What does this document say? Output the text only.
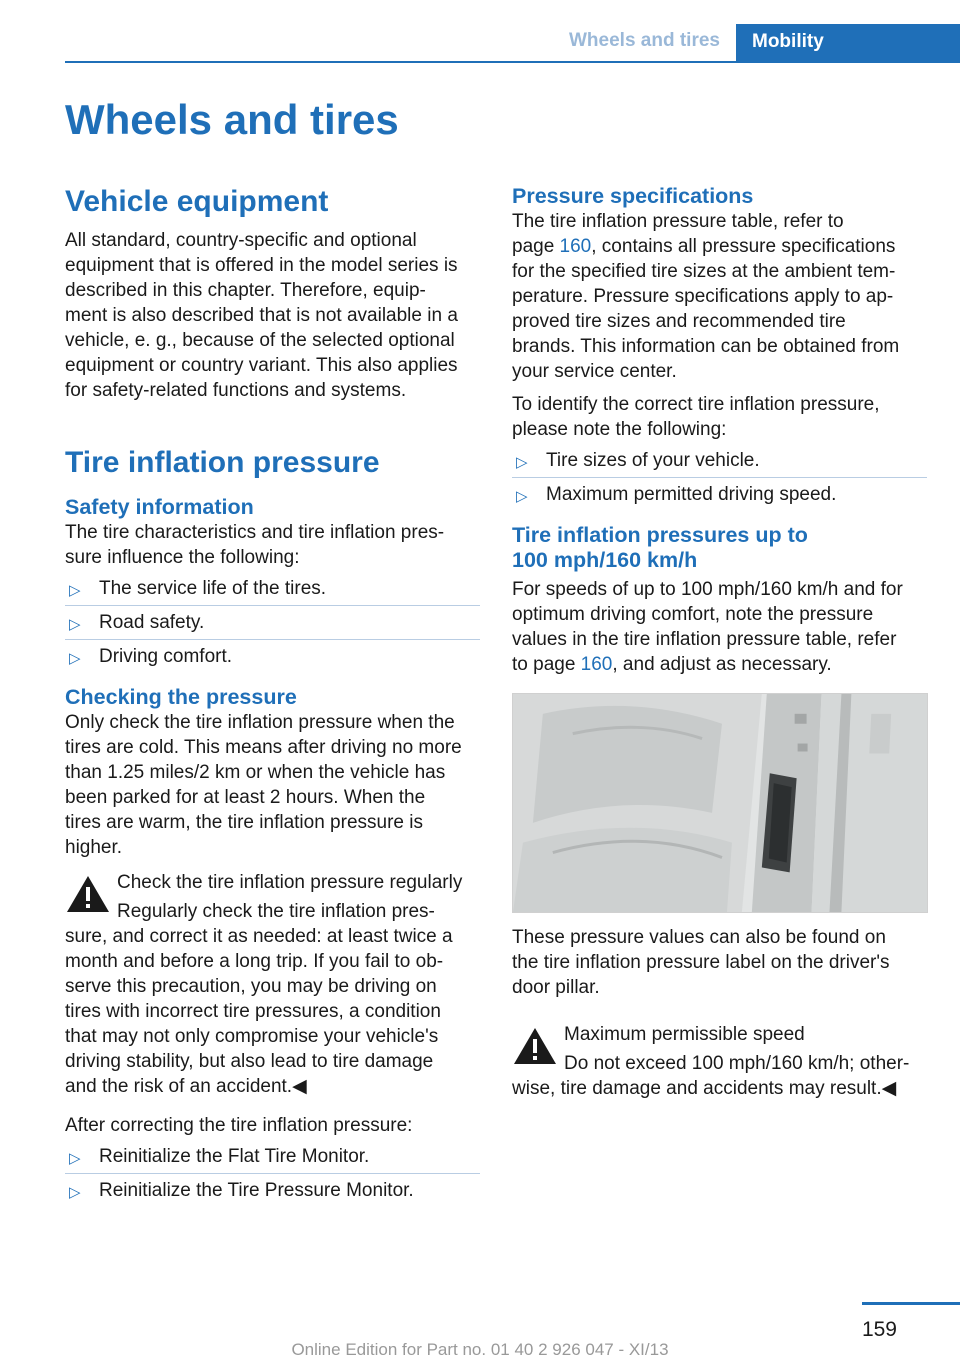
Wheels and tires	Mobility
Wheels and tires
Vehicle equipment

All standard, country-specific and optional
equipment that is offered in the model series is
described in this chapter. Therefore, equip-
ment is also described that is not available in a
vehicle, e. g., because of the selected optional
equipment or country variant. This also applies
for safety-related functions and systems.

Tire inflation pressure
Safety information

The tire characteristics and tire inflation pres-
sure influence the following:

▷ The service life of the tires.
▷ Road safety.
▷ Driving comfort.
Checking the pressure

Only check the tire inflation pressure when the
tires are cold. This means after driving no more
than 1.25 miles/2 km or when the vehicle has
been parked for at least 2 hours. When the
tires are warm, the tire inflation pressure is
higher.

Check the tire inflation pressure regularly
Regularly check the tire inflation pres-
sure, and correct it as needed: at least twice a
month and before a long trip. If you fail to ob-
serve this precaution, you may be driving on
tires with incorrect tire pressures, a condition
that may not only compromise your vehicle's
driving stability, but also lead to tire damage
and the risk of an accident.◀

After correcting the tire inflation pressure:

▷ Reinitialize the Flat Tire Monitor.
▷ Reinitialize the Tire Pressure Monitor.
Pressure specifications

The tire inflation pressure table, refer to
page 160, contains all pressure specifications
for the specified tire sizes at the ambient tem-
perature. Pressure specifications apply to ap-
proved tire sizes and recommended tire
brands. This information can be obtained from
your service center.

To identify the correct tire inflation pressure,
please note the following:

▷ Tire sizes of your vehicle.
▷ Maximum permitted driving speed.
Tire inflation pressures up to
100 mph/160 km/h

For speeds of up to 100 mph/160 km/h and for
optimum driving comfort, note the pressure
values in the tire inflation pressure table, refer
to page 160, and adjust as necessary.

These pressure values can also be found on
the tire inflation pressure label on the driver's
door pillar.

Maximum permissible speed
Do not exceed 100 mph/160 km/h; other-
wise, tire damage and accidents may result.◀

159
Online Edition for Part no. 01 40 2 926 047 - XI/13
